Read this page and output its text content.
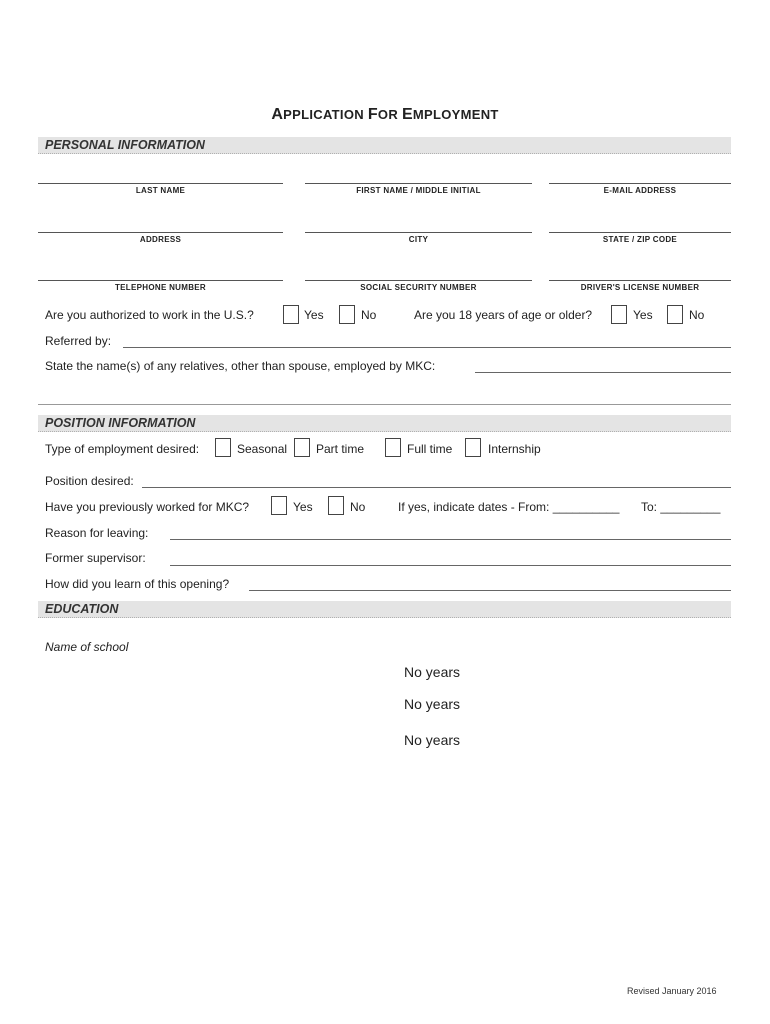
APPLICATION FOR EMPLOYMENT
PERSONAL INFORMATION
LAST NAME	FIRST NAME / MIDDLE INITIAL	E-MAIL ADDRESS
ADDRESS	CITY	STATE / ZIP CODE
TELEPHONE NUMBER	SOCIAL SECURITY NUMBER	DRIVER'S LICENSE NUMBER
Are you authorized to work in the U.S.?	Yes	No	Are you 18 years of age or older?	Yes	No
Referred by:
State the name(s) of any relatives, other than spouse, employed by MKC:
POSITION INFORMATION
Type of employment desired:	Seasonal Part time	Full time	Internship
Position desired:
Have you previously worked for MKC?	Yes	No	If yes, indicate dates - From: __________ To: _________
Reason for leaving:
Former supervisor:
How did you learn of this opening?
EDUCATION
Name of school
No years
No years
No years
Revised January 2016
